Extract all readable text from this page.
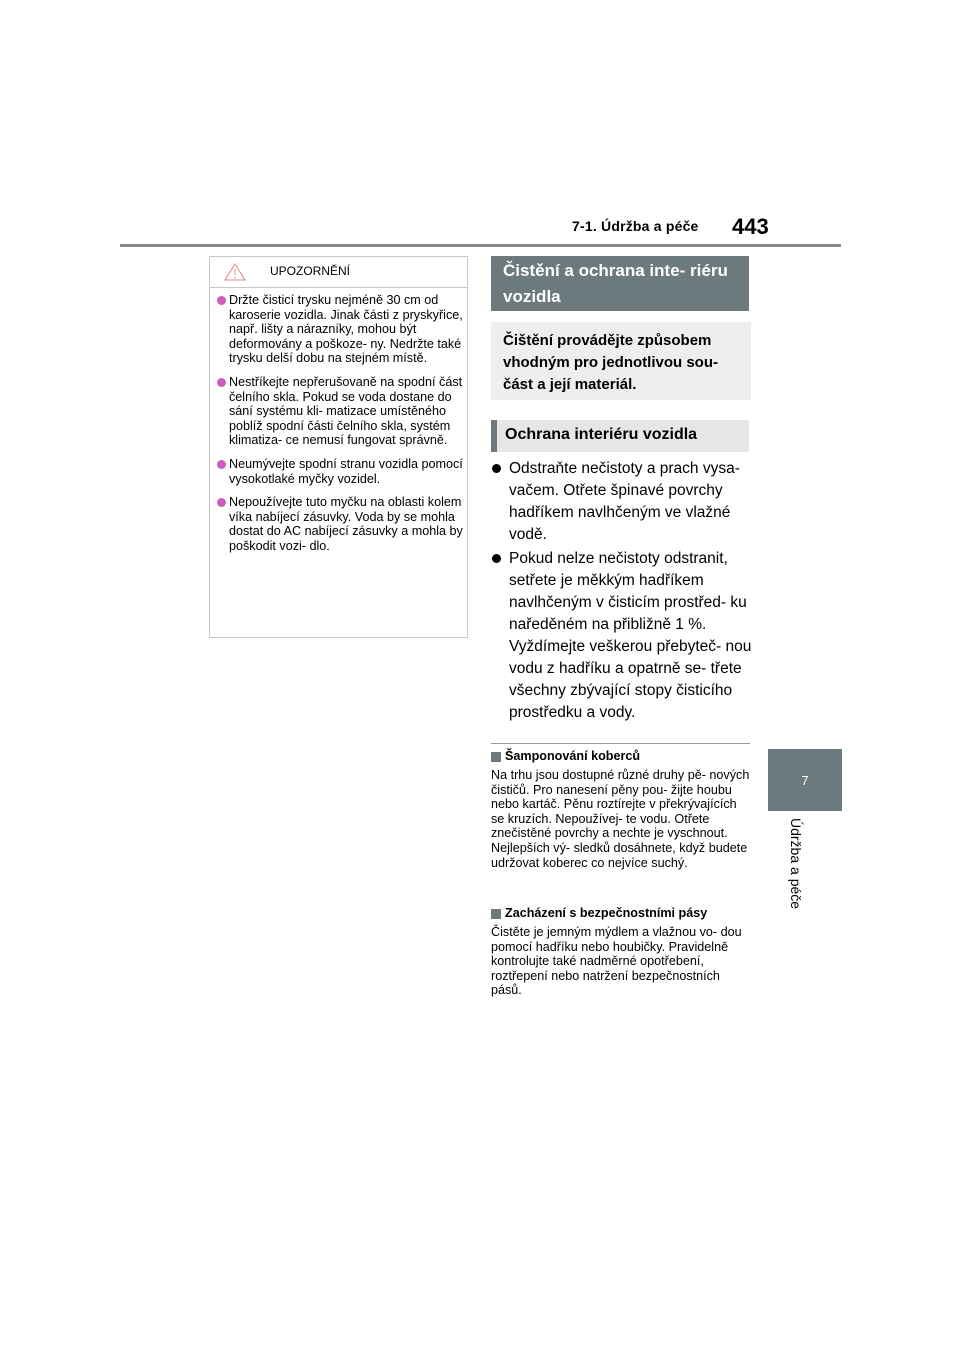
7-1. Údržba a péče 443
7
Údržba a péče
UPOZORNĚNÍ
Držte čisticí trysku nejméně 30 cm od karoserie vozidla. Jinak části z pryskyřice, např. lišty a nárazníky, mohou být deformovány a poškoze- ny. Nedržte také trysku delší dobu na stejném místě.
Nestříkejte nepřerušovaně na spodní část čelního skla. Pokud se voda dostane do sání systému kli- matizace umístěného poblíž spodní části čelního skla, systém klimatiza- ce nemusí fungovat správně.
Neumývejte spodní stranu vozidla pomocí vysokotlaké myčky vozidel.
Nepoužívejte tuto myčku na oblasti kolem víka nabíjecí zásuvky. Voda by se mohla dostat do AC nabíjecí zásuvky a mohla by poškodit vozi- dlo.
Čistění a ochrana inte- riéru vozidla
Čištění provádějte způsobem vhodným pro jednotlivou sou- část a její materiál.
Ochrana interiéru vozidla
Odstraňte nečistoty a prach vysa- vačem. Otřete špinavé povrchy hadříkem navlhčeným ve vlažné vodě.
Pokud nelze nečistoty odstranit, setřete je měkkým hadříkem navlhčeným v čisticím prostřed- ku naředěném na přibližně 1 %. Vyždímejte veškerou přebyteč- nou vodu z hadříku a opatrně se- třete všechny zbývající stopy čisticího prostředku a vody.
Šamponování koberců
Na trhu jsou dostupné různé druhy pě- nových čističů. Pro nanesení pěny pou- žijte houbu nebo kartáč. Pěnu roztírejte v překrývajících se kruzích. Nepoužívej- te vodu. Otřete znečistěné povrchy a nechte je vyschnout. Nejlepších vý- sledků dosáhnete, když budete udržovat koberec co nejvíce suchý.
Zacházení s bezpečnostními pásy
Čistěte je jemným mýdlem a vlažnou vo- dou pomocí hadříku nebo houbičky. Pravidelně kontrolujte také nadměrné opotřebení, roztřepení nebo natržení bezpečnostních pásů.
